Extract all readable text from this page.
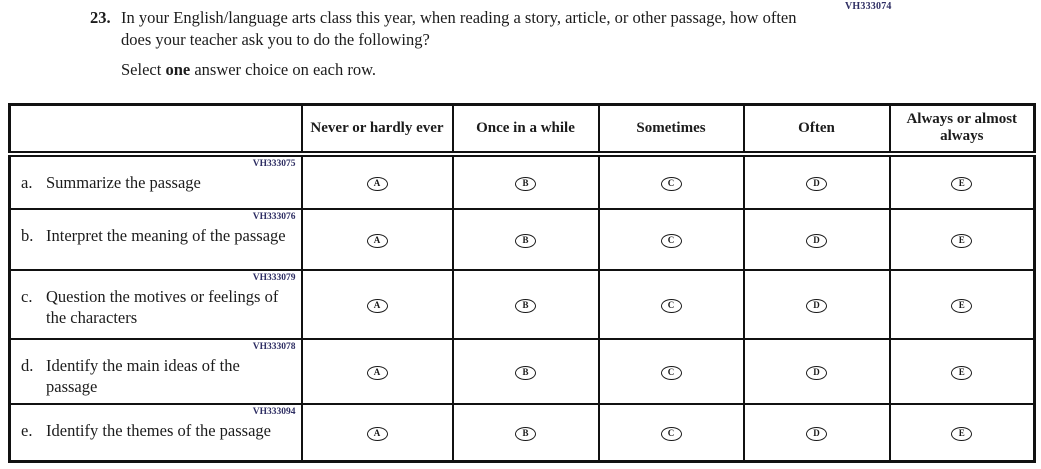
VH333074
23. In your English/language arts class this year, when reading a story, article, or other passage, how often does your teacher ask you to do the following?
Select one answer choice on each row.
	Never or hardly ever	Once in a while	Sometimes	Often	Always or almost always

VH333075
a. Summarize the passage	A	B	C	D	E

VH333076
b. Interpret the meaning of the passage	A	B	C	D	E

VH333079
c. Question the motives or feelings of the characters	A	B	C	D	E

VH333078
d. Identify the main ideas of the passage	A	B	C	D	E

VH333094
e. Identify the themes of the passage	A	B	C	D	E
